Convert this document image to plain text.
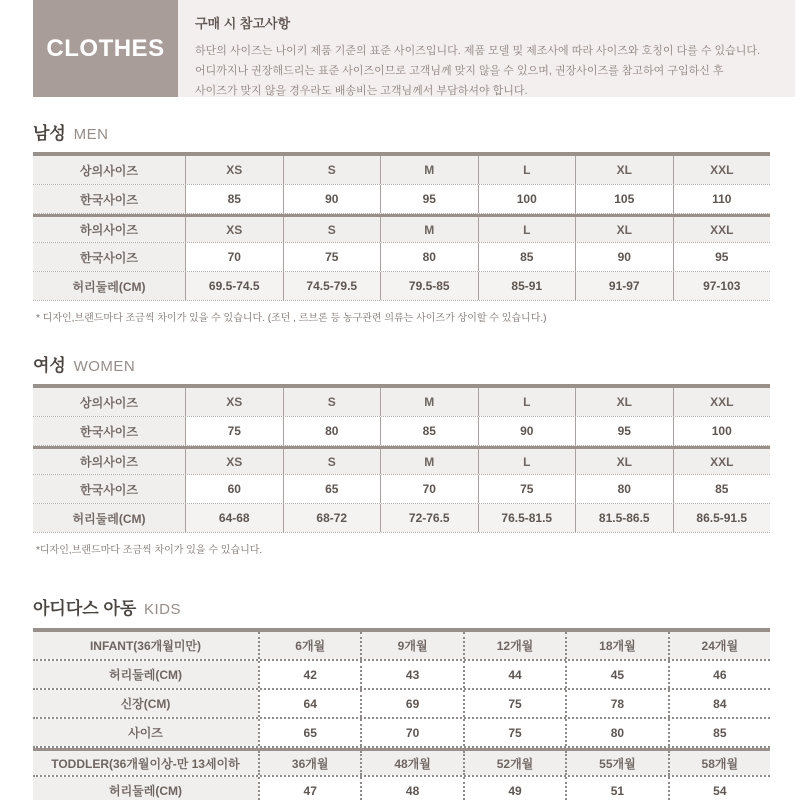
CLOTHES
구매 시 참고사항

하단의 사이즈는 나이키 제품 기준의 표준 사이즈입니다. 제품 모델 및 제조사에 따라 사이즈와 호칭이 다를 수 있습니다.

어디까지나 권장해드리는 표준 사이즈이므로 고객님께 맞지 않을 수 있으며, 권장사이즈를 참고하여 구입하신 후

사이즈가 맞지 않을 경우라도 배송비는 고객님께서 부담하셔야 합니다.

남성 MEN
상의사이즈	XS	S	M	L	XL	XXL
한국사이즈	85	90	95	100	105	110
하의사이즈	XS	S	M	L	XL	XXL
한국사이즈	70	75	80	85	90	95
허리둘레(CM)	69.5-74.5	74.5-79.5	79.5-85	85-91	91-97	97-103

* 디자인,브랜드마다 조금씩 차이가 있을 수 있습니다. (조던 , 르브론 등 농구관련 의류는 사이즈가 상이할 수 있습니다.)

여성 WOMEN
상의사이즈	XS	S	M	L	XL	XXL
한국사이즈	75	80	85	90	95	100
하의사이즈	XS	S	M	L	XL	XXL
한국사이즈	60	65	70	75	80	85
허리둘레(CM)	64-68	68-72	72-76.5	76.5-81.5	81.5-86.5	86.5-91.5

*디자인,브랜드마다 조금씩 차이가 있을 수 있습니다.

아디다스 아동 KIDS
INFANT(36개월미만)	6개월	9개월	12개월	18개월	24개월
허리둘레(CM)	42	43	44	45	46
신장(CM)	64	69	75	78	84
사이즈	65	70	75	80	85
TODDLER(36개월이상-만 13세이하	36개월	48개월	52개월	55개월	58개월
허리둘레(CM)	47	48	49	51	54
